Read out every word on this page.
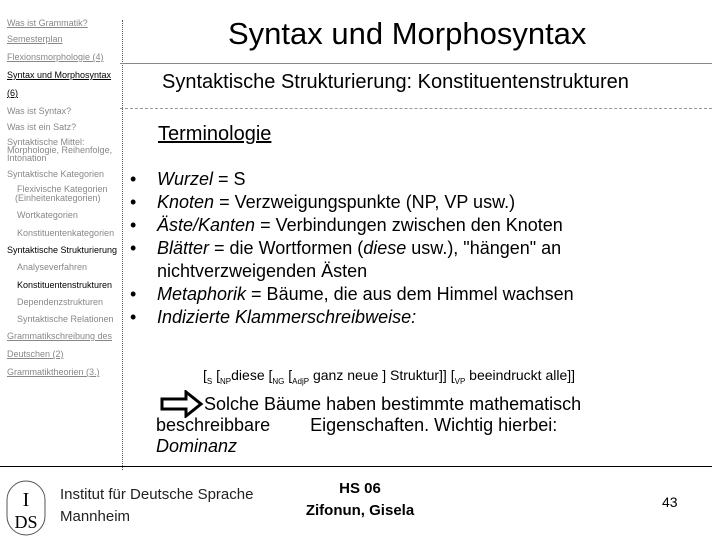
Was ist Grammatik?
Semesterplan
Flexionsmorphologie (4)
Syntax und Morphosyntax
(6)
Was ist Syntax?
Was ist ein Satz?
Syntaktische Mittel:
Morphologie, Reihenfolge,
Intonation
Syntaktische Kategorien
Flexivische Kategorien
(Einheitenkategorien)
Wortkategorien
Konstituentenkategorien
Syntaktische Strukturierung
Analyseverfahren
Konstituentenstrukturen
Dependenzstrukturen
Syntaktische Relationen
Grammatikschreibung des
Deutschen (2)
Grammatiktheorien (3.)
Syntax und Morphosyntax
Syntaktische Strukturierung: Konstituentenstrukturen
Terminologie
• Wurzel = S
• Knoten = Verzweigungspunkte (NP, VP usw.)
• Äste/Kanten = Verbindungen zwischen den Knoten
• Blätter = die Wortformen (diese usw.), "hängen" an
nichtverzweigenden Ästen
• Metaphorik = Bäume, die aus dem Himmel wachsen
• Indizierte Klammerschreibweise:
[$_S$ [$_{NP}diese$ [$_{NG}$ [$_{AdjP}$ ganz neue ] Struktur]] [$_{VP}$ beeindruckt alle]]
Solche Bäume haben bestimmte mathematisch beschreibbare        Eigenschaften. Wichtig hierbei:
Dominanz
I
DS
Institut für Deutsche Sprache
Mannheim
HS 06
Zifonun, Gisela	43
